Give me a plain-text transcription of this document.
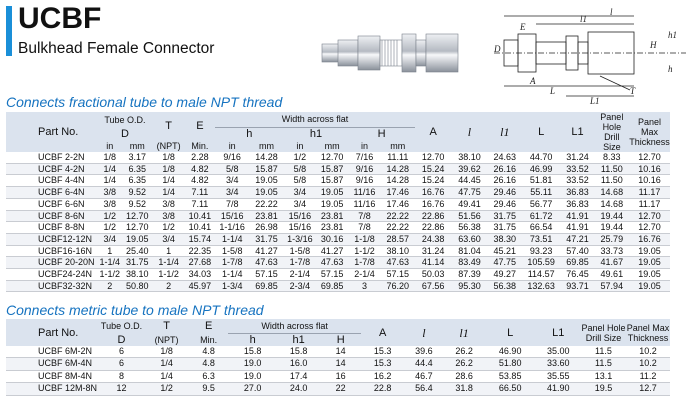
UCBF
Bulkhead Female Connector
l
l1
H
h1
h
D
T
A
L
L1
E
Connects fractional tube to male NPT thread
Part No.	Tube O.D.		T	E	Width across flat						A	l	l1	L	L1	Panel Hole Drill Size	Panel Max Thickness
	D				h		h1		H								
	in	mm	(NPT)	Min.	in	mm	in	mm	in	mm							
UCBF 2-2N	1/8	3.17	1/8	2.28	9/16	14.28	1/2	12.70	7/16	11.11	12.70	38.10	24.63	44.70	31.24	8.33	12.70
UCBF 4-2N	1/4	6.35	1/8	4.82	5/8	15.87	5/8	15.87	9/16	14.28	15.24	39.62	26.16	46.99	33.52	11.50	10.16
UCBF 4-4N	1/4	6.35	1/4	4.82	3/4	19.05	5/8	15.87	9/16	14.28	15.24	44.45	26.16	51.81	33.52	11.50	10.16
UCBF 6-4N	3/8	9.52	1/4	7.11	3/4	19.05	3/4	19.05	11/16	17.46	16.76	47.75	29.46	55.11	36.83	14.68	11.17
UCBF 6-6N	3/8	9.52	3/8	7.11	7/8	22.22	3/4	19.05	11/16	17.46	16.76	49.41	29.46	56.77	36.83	14.68	11.17
UCBF 8-6N	1/2	12.70	3/8	10.41	15/16	23.81	15/16	23.81	7/8	22.22	22.86	51.56	31.75	61.72	41.91	19.44	12.70
UCBF 8-8N	1/2	12.70	1/2	10.41	1-1/16	26.98	15/16	23.81	7/8	22.22	22.86	56.38	31.75	66.54	41.91	19.44	12.70
UCBF12-12N	3/4	19.05	3/4	15.74	1-1/4	31.75	1-3/16	30.16	1-1/8	28.57	24.38	63.60	38.30	73.51	47.21	25.79	16.76
UCBF16-16N	1	25.40	1	22.35	1-5/8	41.27	1-5/8	41.27	1-1/2	38.10	31.24	81.04	45.21	93.23	57.40	33.73	19.05
UCBF 20-20N	1-1/4	31.75	1-1/4	27.68	1-7/8	47.63	1-7/8	47.63	1-7/8	47.63	41.14	83.49	47.75	105.59	69.85	41.67	19.05
UCBF24-24N	1-1/2	38.10	1-1/2	34.03	1-1/4	57.15	2-1/4	57.15	2-1/4	57.15	50.03	87.39	49.27	114.57	76.45	49.61	19.05
UCBF32-32N	2	50.80	2	45.97	1-3/4	69.85	2-3/4	69.85	3	76.20	67.56	95.30	56.38	132.63	93.71	57.94	19.05
Connects metric tube to male NPT thread
Part No.	Tube O.D.	T	E	Width across flat			A	l	l1	L	L1	Panel Hole Drill Size	Panel Max Thickness
	D	(NPT)	Min.	h	h1	H							
UCBF 6M-2N	6	1/8	4.8	15.8	15.8	14	15.3	39.6	26.2	46.90	35.00	11.5	10.2
UCBF 6M-4N	6	1/4	4.8	19.0	16.0	14	15.3	44.4	26.2	51.80	33.60	11.5	10.2
UCBF 8M-4N	8	1/4	6.3	19.0	17.4	16	16.2	46.7	28.6	53.85	35.55	13.1	11.2
UCBF 12M-8N	12	1/2	9.5	27.0	24.0	22	22.8	56.4	31.8	66.50	41.90	19.5	12.7
